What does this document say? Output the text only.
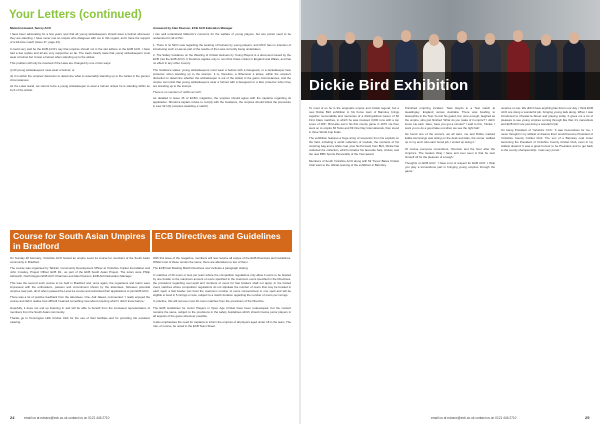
Your Letters (continued)

Malcolm Howard, Surrey ACO

I have been advocating for a few years now that all young wicketkeepers should wear a helmet whenever they are standing. I have never met an umpire who disagrees with me in this regard, and I have the support of a full-time coach (issue 27, page 24).

It could very well be the ECB ACO’s say that umpires should not in the slot adhere to the ECB ACO. I have had a few replies and all are very supportive so far. The Laws clearly state that young wicketkeepers must wear a helmet but I know a helmet when standing up to the wicket.

This problem will only be resolved if the Laws are changed by one of two ways:

(i) All young wicketkeepers must wear a helmet; or

(ii) It is within the umpires’ discretion to determine what is reasonably standing up to the wicket in the game’s circumstances.

As the Laws stand, we cannot force a young wicketkeeper to wear a helmet unless he is standing within an inch of the wicket.

Answered by Alan Pearson, ECB ACO Education Manager

I can well understand Malcolm’s concerns for the welfare of young players, but two points need to be understood in all of this:

1. There is no MCC Law regarding the wearing of helmets by young players, and MCC has no intention of introducing such a Law as part of the rewrite of the Laws currently being undertaken.

2. The Safety Guidance on the Wearing of Cricket Helmets by Young Players is a document issued by the ECB (not the ECB ACO). It therefore applies only to non-First Class cricket in England and Wales, and has no effect in any other country.

The Guidance states ‘young wicketkeepers must wear a helmet with a faceguard, or a wicketkeeper face protector, when standing up to the stumps’. It is, therefore, a Whenever it arises, within the umpire’s discretion to determine whether the wicketkeeper is out of the wicket in the game circumstances, and the umpire can insist that young wicketkeepers wear a helmet with a faceguard or a face protector when they are standing up to the stumps.

There is no mention of ‘within an inch’.

As detailed in issue 26 of ECB’s magazine, the umpires should agree with the captains regarding its application. Should a captain refuse to comply with the Guidance, the umpires should follow the procedure in Law 42.1(b) (umpires awarding a match).

Course for South Asian Umpires in Bradford
ECB Directives and Guidelines

On Sunday 28 February, Yorkshire ACO hosted an umpire Level 1a course for members of the South Asian community in Bradford.

The course was organised by Tahirah, Community Development Officer at Yorkshire Cricket Foundation and John Crowley, Project Officer ECB Dir., as part of the ECB South Asian Project. The tutors were Philip Ashworth, North Region ECB ACO Chairman and Alan Pearson, ECB ACO Education Manager.

This was the second such course to be held in Bradford and, once again, the organisers and tutors were impressed with the enthusiasm, passion and commitment shown by the attendees. Nineteen potential umpires took part, all of whom passed the Level 1a course and submitted their applications to join ECB ACO.

There was a lot of positive feedback from the attendees. One, Asif Jaleed, commented: ‘I really enjoyed the course and didn’t realise how difficult I learned something new about umpiring which I didn’t know before.’

Hopefully, it does not end up listening in and will be able to benefit from the increased representation of members from the South Asian community.

Thanks go to Pennington Hills Cricket Club for the use of their facilities and for providing the excellent catering.

With this issue of the magazine, members will now receive all copies of the ECB Directives and Guidelines. Whilst most of these remain the same, there are alterations to two of them.

The ECB Fast Bowling Match Directives now includes a paragraph stating:

In matches of 20 overs or less per team where the competition regulations only allow 4 overs to be bowled by one bowler to the maximum amount of overs specified in the maximum overs specified in the Directives, the provisions regarding over-spell and numbers of overs for fast bowlers shall not apply. In the limited overs matches where competition regulations do not stipulate the number of overs that may be bowled in each spell, a fast bowler can bowl the maximum number of overs consecutively in one spell and will be eligible to bowl in 5 innings or less, subject to a match duration regarding the number of overs per innings.

In practice, this will remove most 20 overs matches from the provisions of the Directive.

The ECB Guidelines for Junior Players in Open Age Cricket have been redeveloped, but the content remains the same, subject to the provisions in the safety Guidelines which should involve junior players in all aspects of the game wherever possible.

It also emphasises the need for captains to inform the umpires of all players aged under 18 in the team. The rule, of course, be noted in the ECB Team Sheet.

24	email us at ecbaco@ecb.co.uk contact us on 0121 446 2710
Dickie Bird Exhibition

To most of us he is the enigmatic umpire and cricket legend, but a new Dickie Bird exhibition in his home town of Barnsley brings together memorabilia and memories of a distinguished career of 66 First Class matches, in which he was involved 3,000 runs with a top score of 181*. Bird also sat in his first county game in 1970. He then went on to umpire 66 Tests and 69 One Day Internationals, then stood in three World Cup finals.

The exhibition features a huge array of souvenirs from his exploits on the field, including a world collection of medals, the contents of his umpiring bag and a white coat, plus his Pennant from Bird, Dickie has collected the collection, which includes his favourite hats, cricket, and the new BBC Sports Personality of the Year award.

Members of South Yorkshire ACO along with Mr Trevor Bates Cricket Club went to the official opening of the exhibition in Barnsley.

Punished umpiring incident: ‘New Haydn in a Test match at Headingley. England versus Australia. There was bowling to Hampshire in the Test, he lost his guard, but, sure enough, laughed as the umpire, who just finished ‘What do you make of it umpire?’ I didn’t know. He said, ‘Here, have you got a minute?’ I said to him, ‘Dickie, I want you to do a good take out when we see the right ball.’

He found one of the scorers, we all went, me and Dickie marked Eddie Hemmings was sitting on the desk and Alan, the scorer, walked up to my and I also said ‘Good job, I ended up doing it.’

Of course everyone remembers, ‘Reunion and the hour after the Umpire’s. The loudest thing I have and ever seen is that he sent himself off for the pleasure of a laugh.’

Thoughts on ECB ACO: ‘I have a lot of respect for ECB ACO. I think you play a tremendous part in bringing young umpires through the game.’

umpires on top. We didn’t have anything like that in our day. I think ECB ACO are doing a wonderful job, bringing young lads along. When I was introduced to Chester-le-Street and playing today. It gives me a lot of pleasure to see young umpires coming through like that, it’s marvellous and ECB ACO are just doing a wonderful job.

On being President of Yorkshire CCC: ‘It was tremendous for me. I never thought in my wildest of dreams that I would become President of Yorkshire County Cricket Club. The son of a Barnsley coal miner becoming the President of Yorkshire County Cricket Club, even in my wildest dreams! It was a great honour to be President and to get back to the county championship. I was very proud.’

email us at ecbaco@ecb.co.uk contact us on 0121 446 2710	25
